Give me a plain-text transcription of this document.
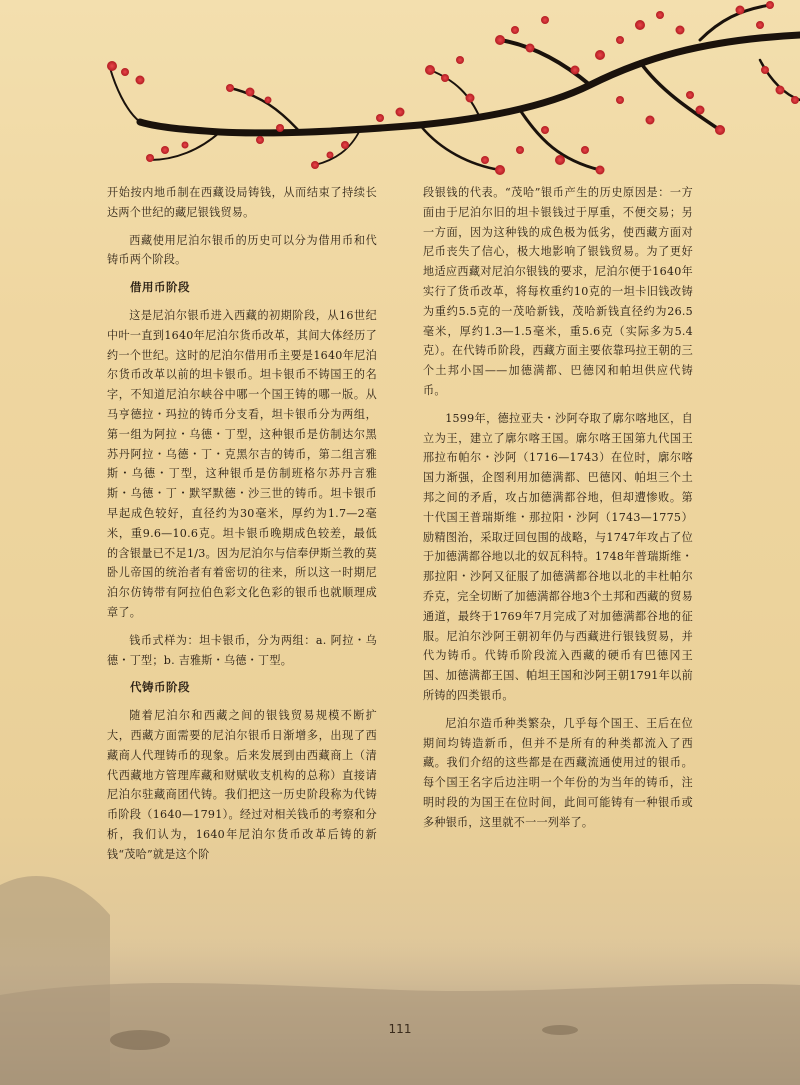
开始按内地币制在西藏设局铸钱，从而结束了持续长达两个世纪的藏尼银钱贸易。

西藏使用尼泊尔银币的历史可以分为借用币和代铸币两个阶段。

借用币阶段

这是尼泊尔银币进入西藏的初期阶段，从16世纪中叶一直到1640年尼泊尔货币改革，其间大体经历了约一个世纪。这时的尼泊尔借用币主要是1640年尼泊尔货币改革以前的坦卡银币。坦卡银币不铸国王的名字，不知道尼泊尔峡谷中哪一个国王铸的哪一版。从马亨德拉・玛拉的铸币分支看，坦卡银币分为两组，第一组为阿拉・乌德・丁型，这种银币是仿制达尔黑苏丹阿拉・乌德・丁・克黑尔吉的铸币，第二组言雅斯・乌德・丁型，这种银币是仿制班格尔苏丹言雅斯・乌德・丁・默罕默德・沙三世的铸币。坦卡银币早起成色较好，直径约为30毫米，厚约为1.7—2毫米，重9.6—10.6克。坦卡银币晚期成色较差，最低的含银量已不足1/3。因为尼泊尔与信奉伊斯兰教的莫卧儿帝国的统治者有着密切的往来，所以这一时期尼泊尔仿铸带有阿拉伯色彩文化色彩的银币也就顺理成章了。

钱币式样为：坦卡银币，分为两组：a. 阿拉・乌德・丁型；b. 吉雅斯・乌德・丁型。

代铸币阶段

随着尼泊尔和西藏之间的银钱贸易规模不断扩大，西藏方面需要的尼泊尔银币日渐增多，出现了西藏商人代理铸币的现象。后来发展到由西藏商上（清代西藏地方管理库藏和财赋收支机构的总称）直接请尼泊尔驻藏商团代铸。我们把这一历史阶段称为代铸币阶段（1640—1791）。经过对相关钱币的考察和分析，我们认为，1640年尼泊尔货币改革后铸的新钱“茂哈”就是这个阶

段银钱的代表。“茂哈”银币产生的历史原因是：一方面由于尼泊尔旧的坦卡银钱过于厚重，不便交易；另一方面，因为这种钱的成色极为低劣，使西藏方面对尼币丧失了信心，极大地影响了银钱贸易。为了更好地适应西藏对尼泊尔银钱的要求，尼泊尔便于1640年实行了货币改革，将每枚重约10克的一坦卡旧钱改铸为重约5.5克的一茂哈新钱，茂哈新钱直径约为26.5毫米，厚约1.3—1.5毫米，重5.6克（实际多为5.4克）。在代铸币阶段，西藏方面主要依靠玛拉王朝的三个土邦小国——加德满都、巴德冈和帕坦供应代铸币。

1599年，德拉亚夫・沙阿夺取了廓尔喀地区，自立为王，建立了廓尔喀王国。廓尔喀王国第九代国王邢拉布帕尔・沙阿（1716—1743）在位时，廓尔喀国力渐强，企图利用加德满都、巴德冈、帕坦三个土邦之间的矛盾，攻占加德满都谷地，但却遭惨败。第十代国王普瑞斯维・那拉阳・沙阿（1743—1775）励精图治，采取迂回包围的战略，与1747年攻占了位于加德满都谷地以北的奴瓦科特。1748年普瑞斯维・那拉阳・沙阿又征服了加德满都谷地以北的丰杜帕尔乔克，完全切断了加德满都谷地3个土邦和西藏的贸易通道，最终于1769年7月完成了对加德满都谷地的征服。尼泊尔沙阿王朝初年仍与西藏进行银钱贸易，并代为铸币。代铸币阶段流入西藏的硬币有巴德冈王国、加德满都王国、帕坦王国和沙阿王朝1791年以前所铸的四类银币。

尼泊尔造币种类繁杂，几乎每个国王、王后在位期间均铸造新币，但并不是所有的种类都流入了西藏。我们介绍的这些都是在西藏流通使用过的银币。每个国王名字后边注明一个年份的为当年的铸币，注明时段的为国王在位时间，此间可能铸有一种银币或多种银币，这里就不一一列举了。

111
